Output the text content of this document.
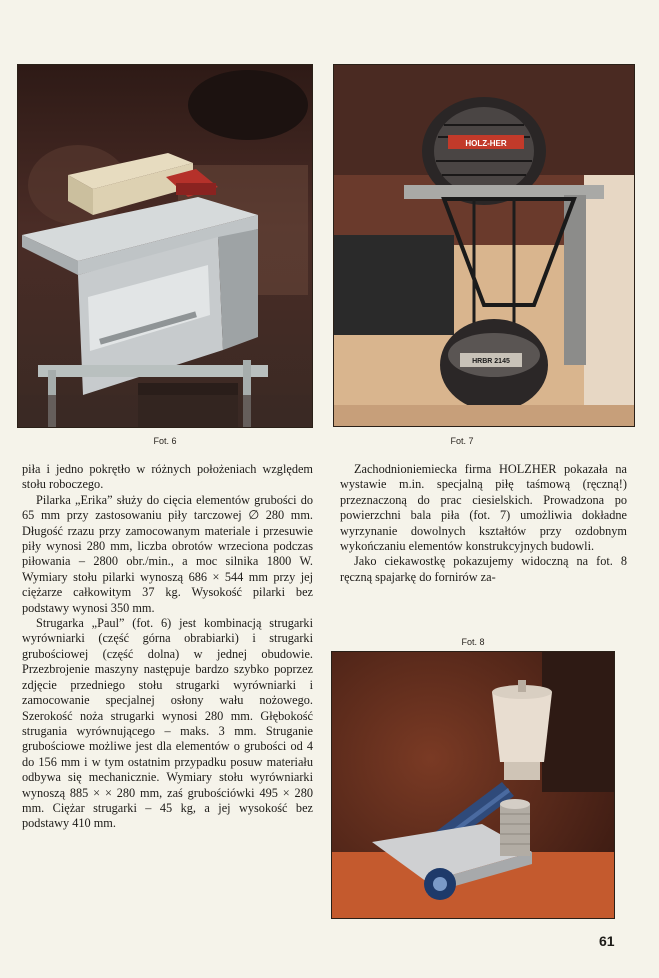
Fot. 6
HOLZ-HER
HRBR 2145
Fot. 7

piła i jedno pokrętło w różnych położeniach względem stołu roboczego.

Pilarka „Erika” służy do cięcia elementów grubości do 65 mm przy zastosowaniu piły tarczowej ∅ 280 mm. Długość rzazu przy zamocowanym materiale i przesuwie piły wynosi 280 mm, liczba obrotów wrzeciona podczas piłowania – 2800 obr./min., a moc silnika 1800 W. Wymiary stołu pilarki wynoszą 686 × 544 mm przy jej ciężarze całkowitym 37 kg. Wysokość pilarki bez podstawy wynosi 350 mm.

Strugarka „Paul” (fot. 6) jest kombinacją strugarki wyrówniarki (część górna obrabiarki) i strugarki grubościowej (część dolna) w jednej obudowie. Przezbrojenie maszyny następuje bardzo szybko poprzez zdjęcie przedniego stołu strugarki wyrówniarki i zamocowanie specjalnej osłony wału nożowego. Szerokość noża strugarki wynosi 280 mm. Głębokość strugania wyrównującego – maks. 3 mm. Struganie grubościowe możliwe jest dla elementów o grubości od 4 do 156 mm i w tym ostatnim przypadku posuw materiału odbywa się mechanicznie. Wymiary stołu wyrówniarki wynoszą 885 × × 280 mm, zaś grubościówki 495 × 280 mm. Ciężar strugarki – 45 kg, a jej wysokość bez podstawy 410 mm.

Zachodnioniemiecka firma HOLZHER pokazała na wystawie m.in. specjalną piłę taśmową (ręczną!) przeznaczoną do prac ciesielskich. Prowadzona po powierzchni bala piła (fot. 7) umożliwia dokładne wyrzynanie dowolnych kształtów przy ozdobnym wykończaniu elementów konstrukcyjnych budowli.

Jako ciekawostkę pokazujemy widoczną na fot. 8 ręczną spajarkę do fornirów za-

Fot. 8
61
